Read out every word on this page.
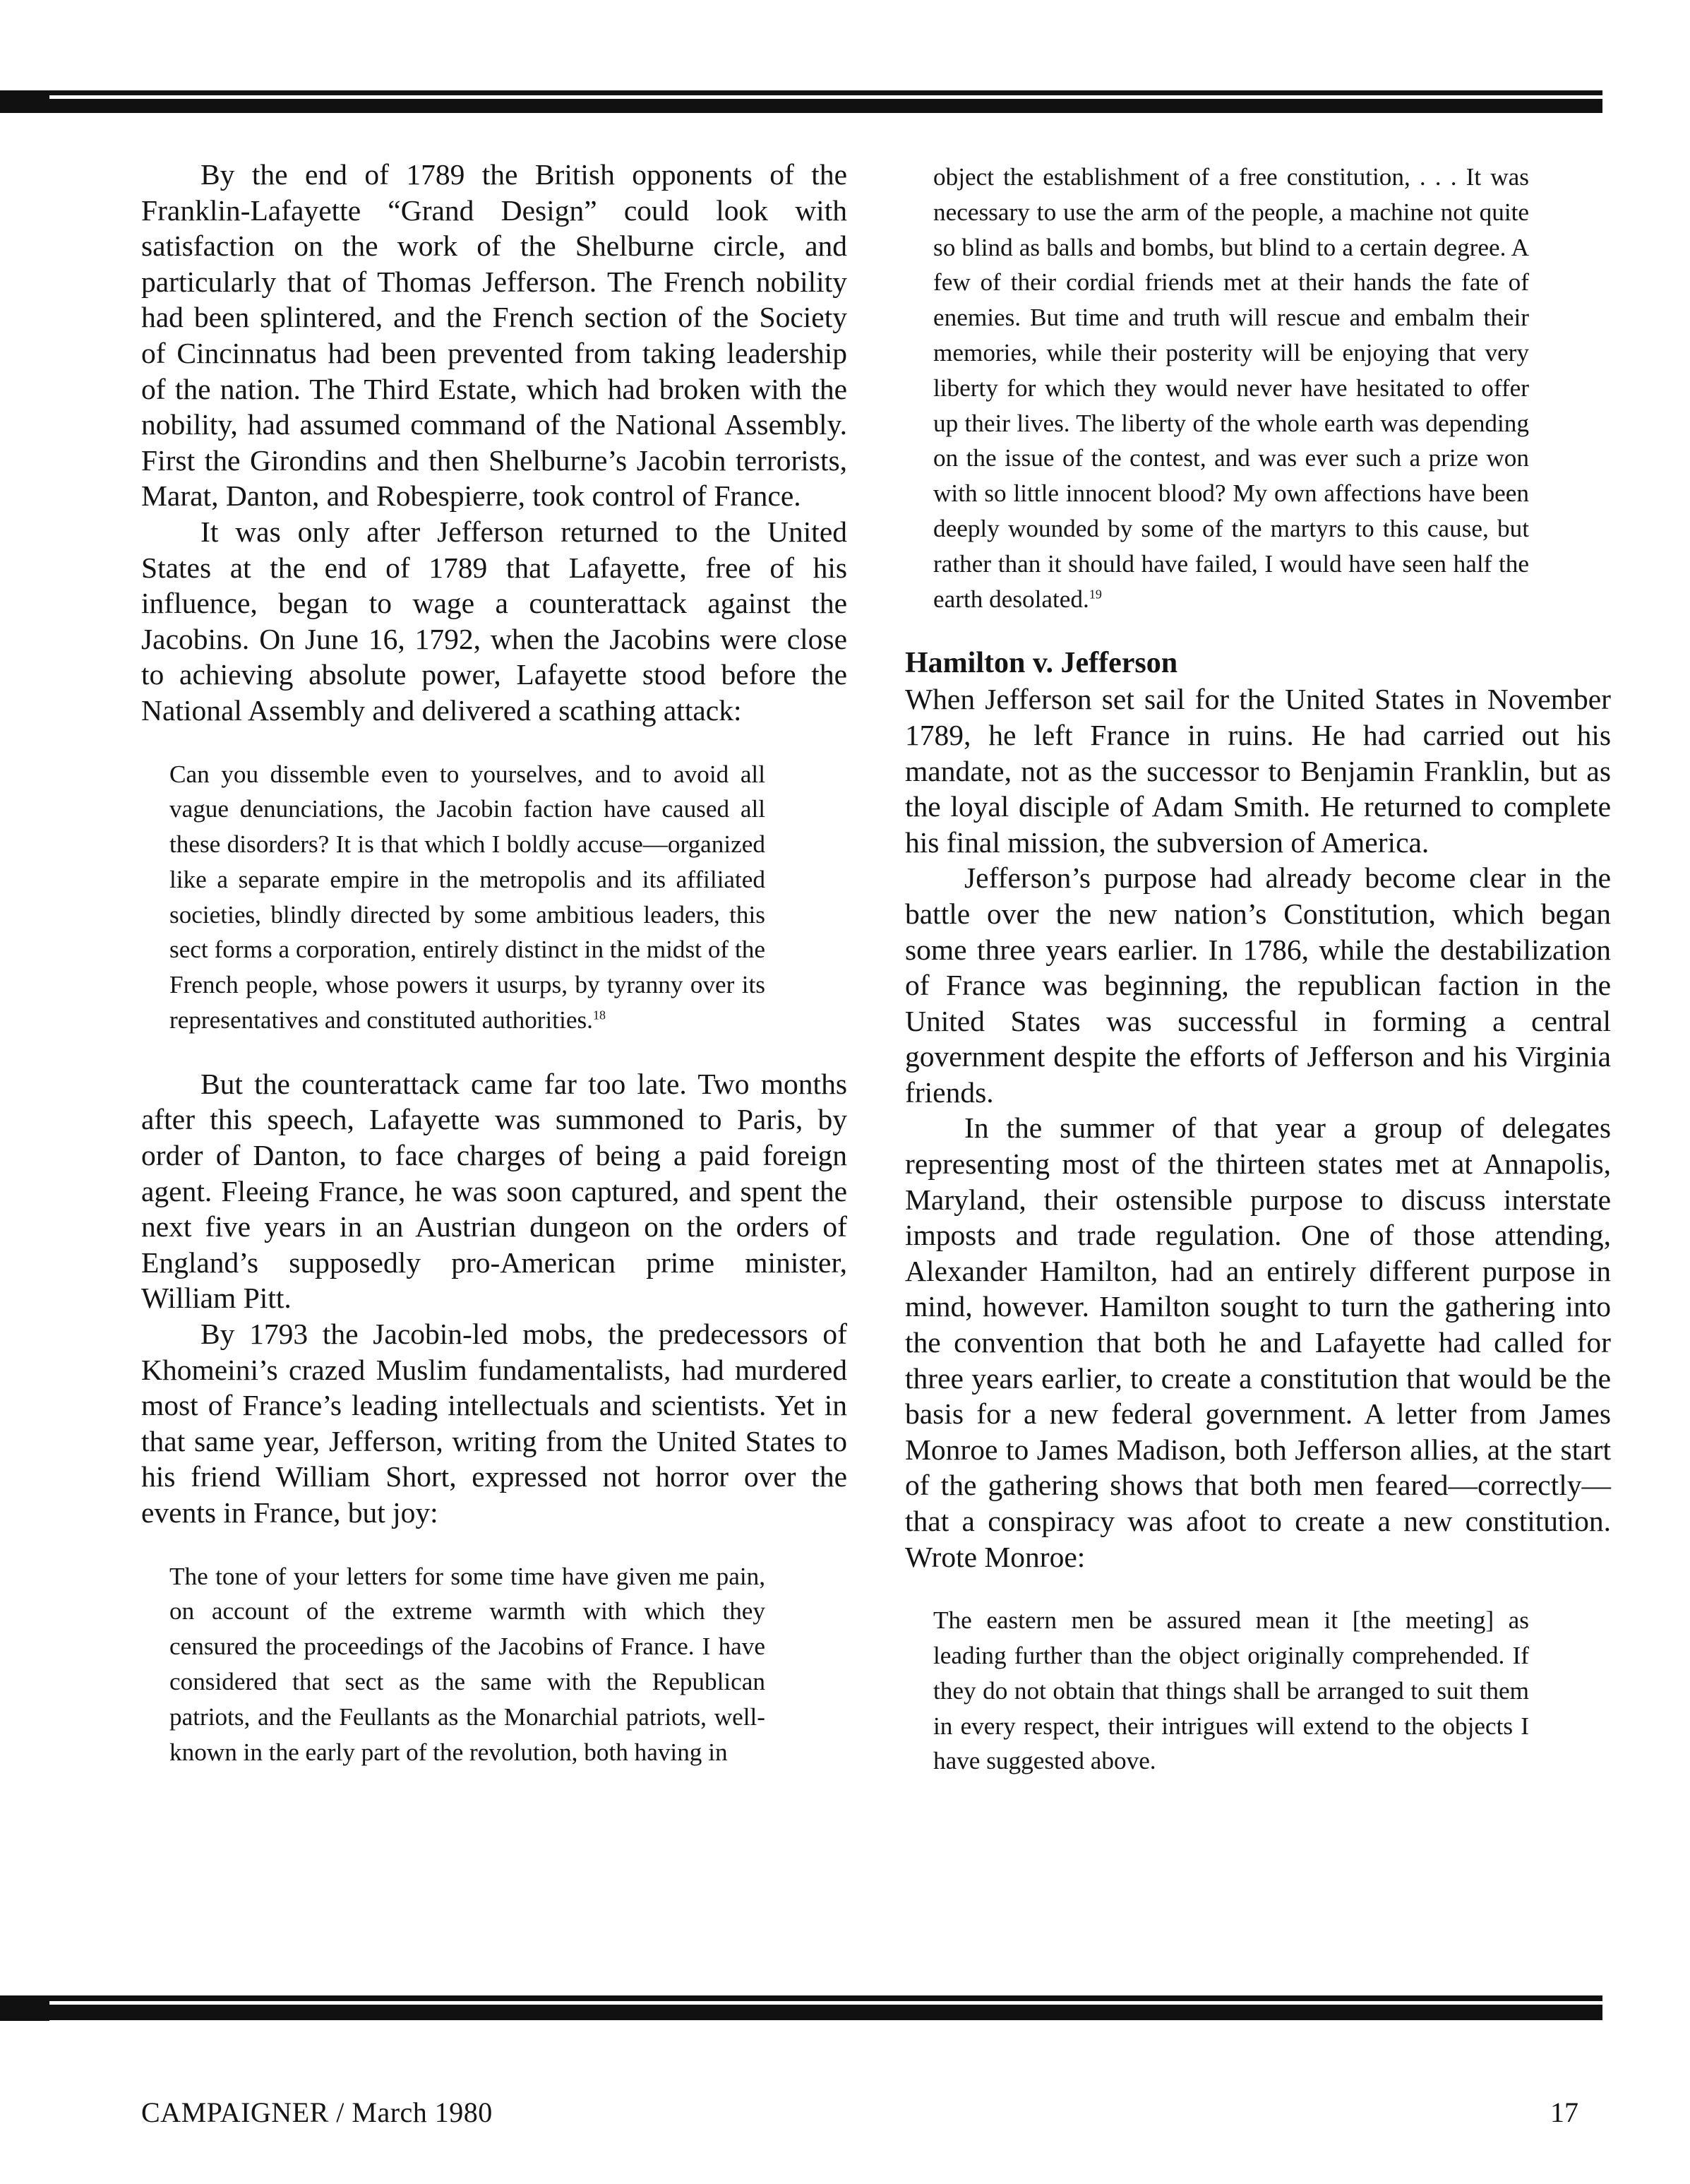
By the end of 1789 the British opponents of the Franklin-Lafayette “Grand Design” could look with satisfaction on the work of the Shelburne circle, and particularly that of Thomas Jefferson. The French nobility had been splintered, and the French section of the Society of Cincinnatus had been prevented from taking leadership of the nation. The Third Estate, which had broken with the nobility, had assumed command of the National Assembly. First the Girondins and then Shelburne’s Jacobin terrorists, Marat, Danton, and Robespierre, took control of France.

It was only after Jefferson returned to the United States at the end of 1789 that Lafayette, free of his influence, began to wage a counterattack against the Jacobins. On June 16, 1792, when the Jacobins were close to achieving absolute power, Lafayette stood before the National Assembly and delivered a scathing attack:

Can you dissemble even to yourselves, and to avoid all vague denunciations, the Jacobin faction have caused all these disorders? It is that which I boldly accuse—organized like a separate empire in the metropolis and its affiliated societies, blindly directed by some ambitious leaders, this sect forms a corporation, entirely distinct in the midst of the French people, whose powers it usurps, by tyranny over its representatives and constituted authorities.$^{18}$

But the counterattack came far too late. Two months after this speech, Lafayette was summoned to Paris, by order of Danton, to face charges of being a paid foreign agent. Fleeing France, he was soon captured, and spent the next five years in an Austrian dungeon on the orders of England’s supposedly pro-American prime minister, William Pitt.

By 1793 the Jacobin-led mobs, the predecessors of Khomeini’s crazed Muslim fundamentalists, had murdered most of France’s leading intellectuals and scientists. Yet in that same year, Jefferson, writing from the United States to his friend William Short, expressed not horror over the events in France, but joy:

The tone of your letters for some time have given me pain, on account of the extreme warmth with which they censured the proceedings of the Jacobins of France. I have considered that sect as the same with the Republican patriots, and the Feullants as the Monarchial patriots, well-known in the early part of the revolution, both having in

object the establishment of a free constitution, . . . It was necessary to use the arm of the people, a machine not quite so blind as balls and bombs, but blind to a certain degree. A few of their cordial friends met at their hands the fate of enemies. But time and truth will rescue and embalm their memories, while their posterity will be enjoying that very liberty for which they would never have hesitated to offer up their lives. The liberty of the whole earth was depending on the issue of the contest, and was ever such a prize won with so little innocent blood? My own affections have been deeply wounded by some of the martyrs to this cause, but rather than it should have failed, I would have seen half the earth desolated.$^{19}$

Hamilton v. Jefferson

When Jefferson set sail for the United States in November 1789, he left France in ruins. He had carried out his mandate, not as the successor to Benjamin Franklin, but as the loyal disciple of Adam Smith. He returned to complete his final mission, the subversion of America.

Jefferson’s purpose had already become clear in the battle over the new nation’s Constitution, which began some three years earlier. In 1786, while the destabilization of France was beginning, the republican faction in the United States was successful in forming a central government despite the efforts of Jefferson and his Virginia friends.

In the summer of that year a group of delegates representing most of the thirteen states met at Annapolis, Maryland, their ostensible purpose to discuss interstate imposts and trade regulation. One of those attending, Alexander Hamilton, had an entirely different purpose in mind, however. Hamilton sought to turn the gathering into the convention that both he and Lafayette had called for three years earlier, to create a constitution that would be the basis for a new federal government. A letter from James Monroe to James Madison, both Jefferson allies, at the start of the gathering shows that both men feared—correctly—that a conspiracy was afoot to create a new constitution. Wrote Monroe:

The eastern men be assured mean it [the meeting] as leading further than the object originally comprehended. If they do not obtain that things shall be arranged to suit them in every respect, their intrigues will extend to the objects I have suggested above.

CAMPAIGNER / March 1980	17
